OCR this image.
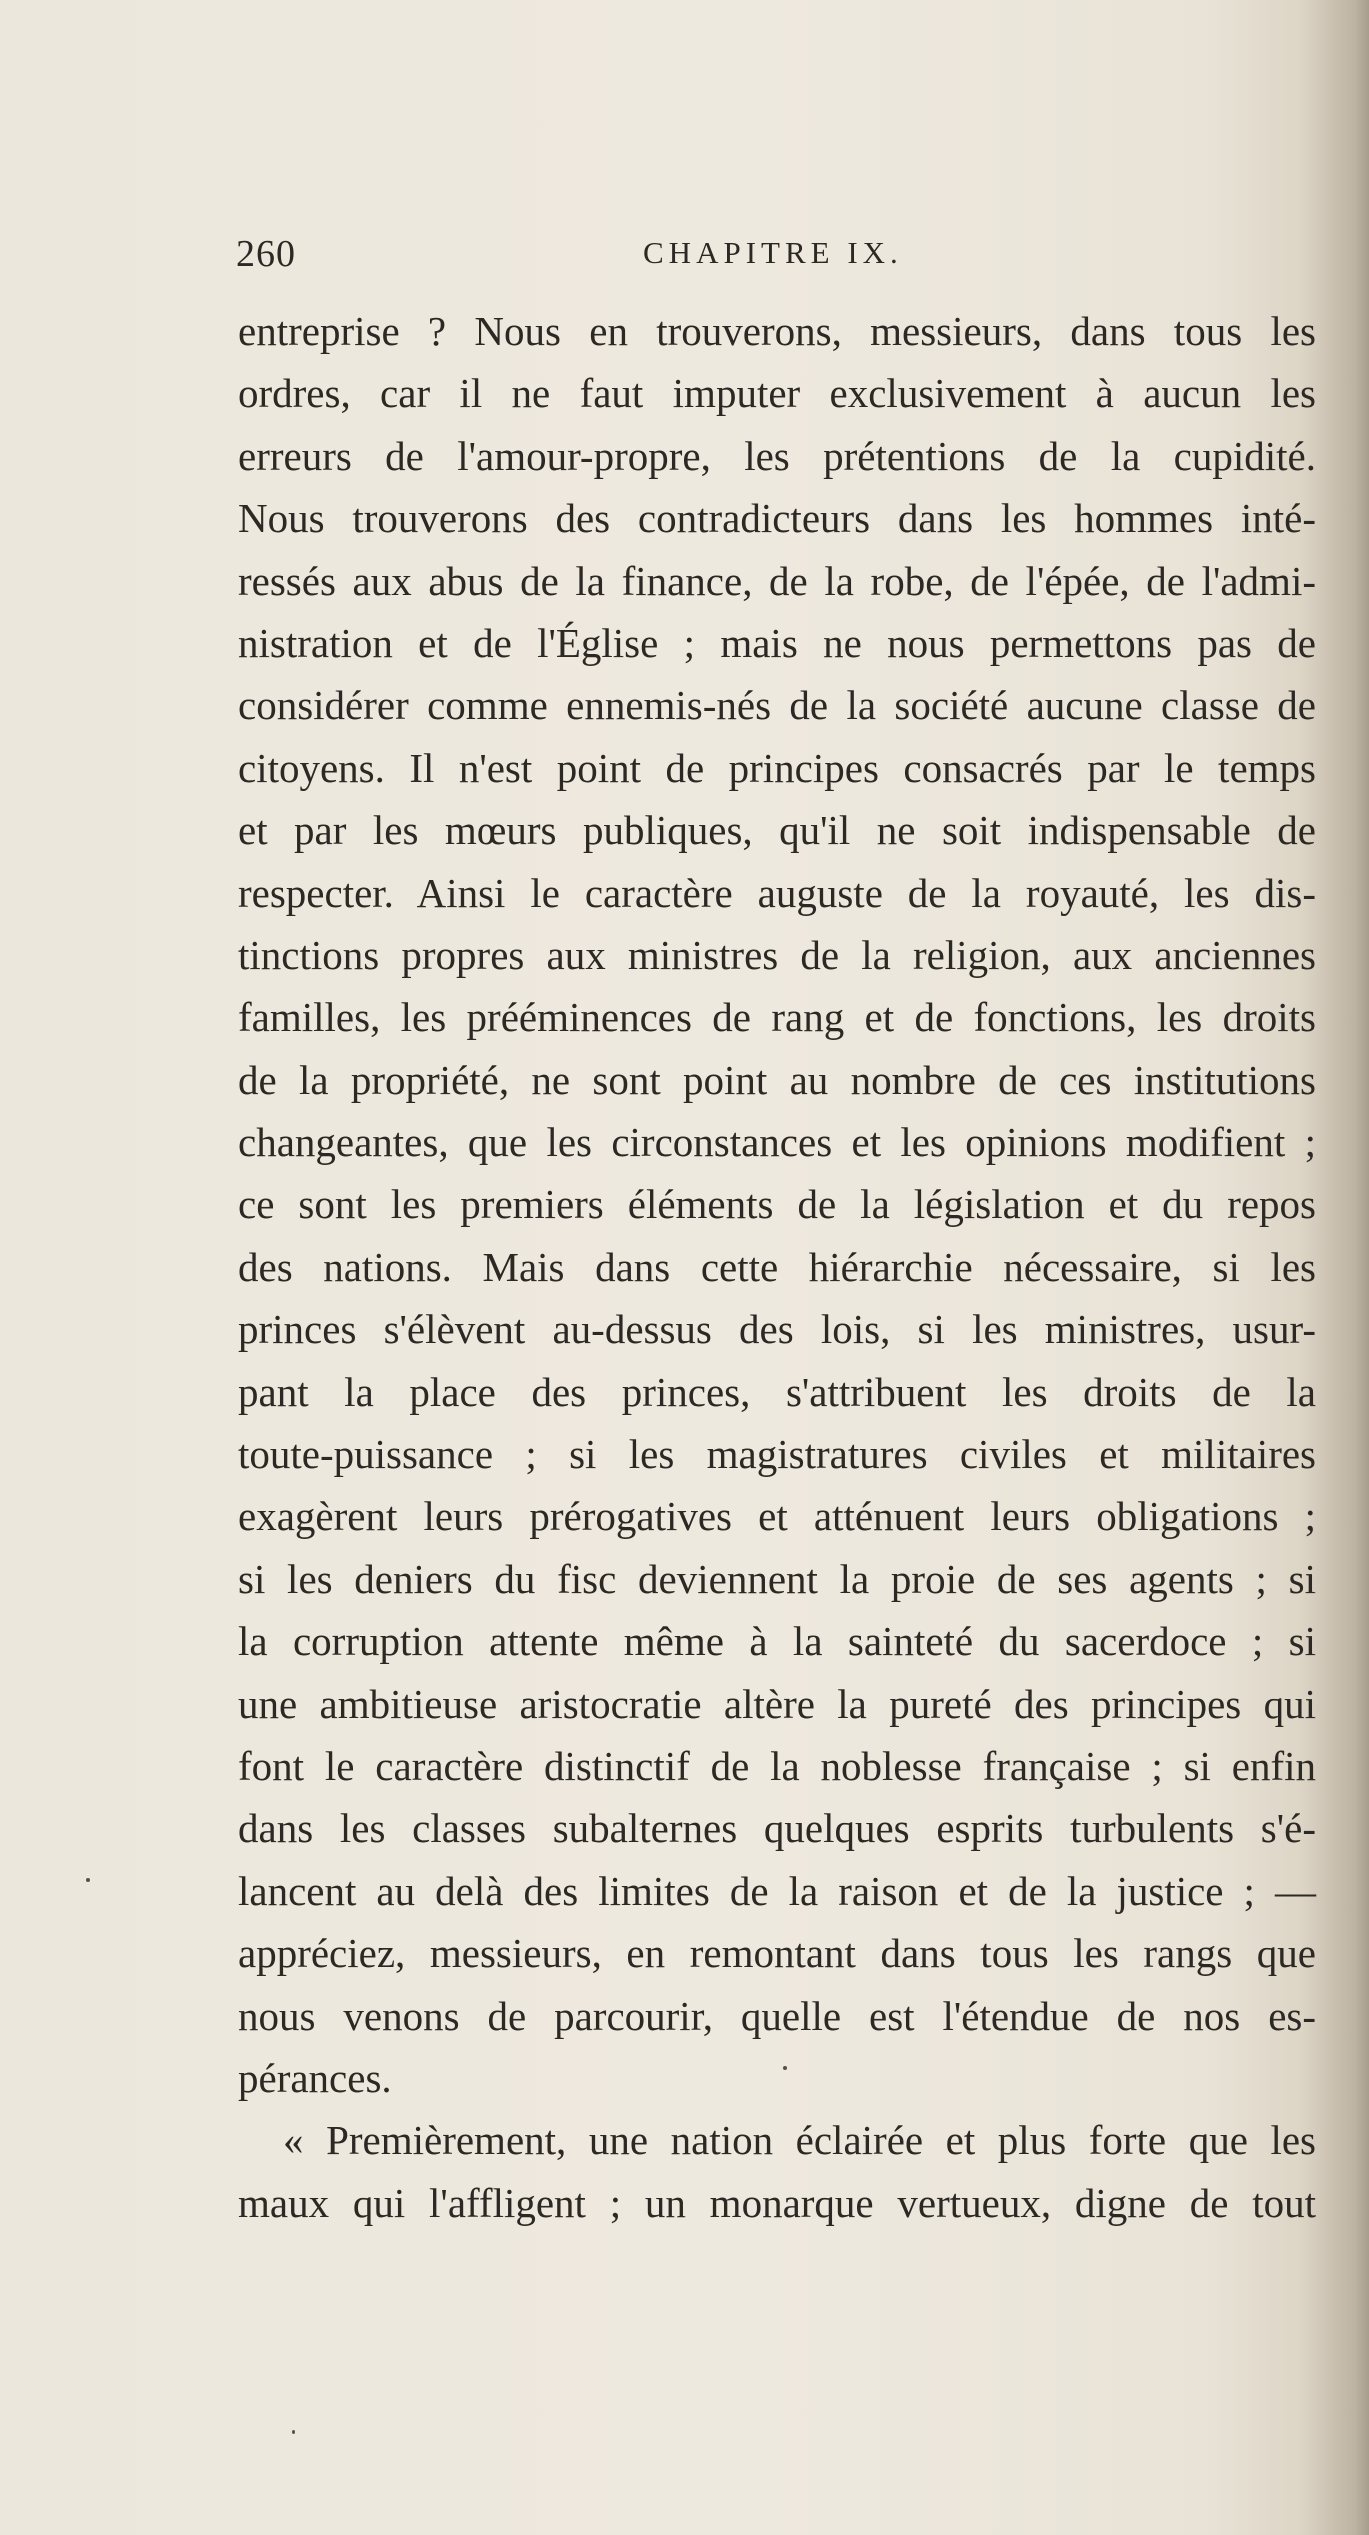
260	CHAPITRE IX.
entreprise ? Nous en trouverons, messieurs, dans tous les
ordres, car il ne faut imputer exclusivement à aucun les
erreurs de l'amour-propre, les prétentions de la cupidité.
Nous trouverons des contradicteurs dans les hommes inté-
ressés aux abus de la finance, de la robe, de l'épée, de l'admi-
nistration et de l'Église ; mais ne nous permettons pas de
considérer comme ennemis-nés de la société aucune classe de
citoyens. Il n'est point de principes consacrés par le temps
et par les mœurs publiques, qu'il ne soit indispensable de
respecter. Ainsi le caractère auguste de la royauté, les dis-
tinctions propres aux ministres de la religion, aux anciennes
familles, les prééminences de rang et de fonctions, les droits
de la propriété, ne sont point au nombre de ces institutions
changeantes, que les circonstances et les opinions modifient ;
ce sont les premiers éléments de la législation et du repos
des nations. Mais dans cette hiérarchie nécessaire, si les
princes s'élèvent au-dessus des lois, si les ministres, usur-
pant la place des princes, s'attribuent les droits de la
toute-puissance ; si les magistratures civiles et militaires
exagèrent leurs prérogatives et atténuent leurs obligations ;
si les deniers du fisc deviennent la proie de ses agents ; si
la corruption attente même à la sainteté du sacerdoce ; si
une ambitieuse aristocratie altère la pureté des principes qui
font le caractère distinctif de la noblesse française ; si enfin
dans les classes subalternes quelques esprits turbulents s'é-
lancent au delà des limites de la raison et de la justice ; —
appréciez, messieurs, en remontant dans tous les rangs que
nous venons de parcourir, quelle est l'étendue de nos es-
pérances.
« Premièrement, une nation éclairée et plus forte que les
maux qui l'affligent ; un monarque vertueux, digne de tout
